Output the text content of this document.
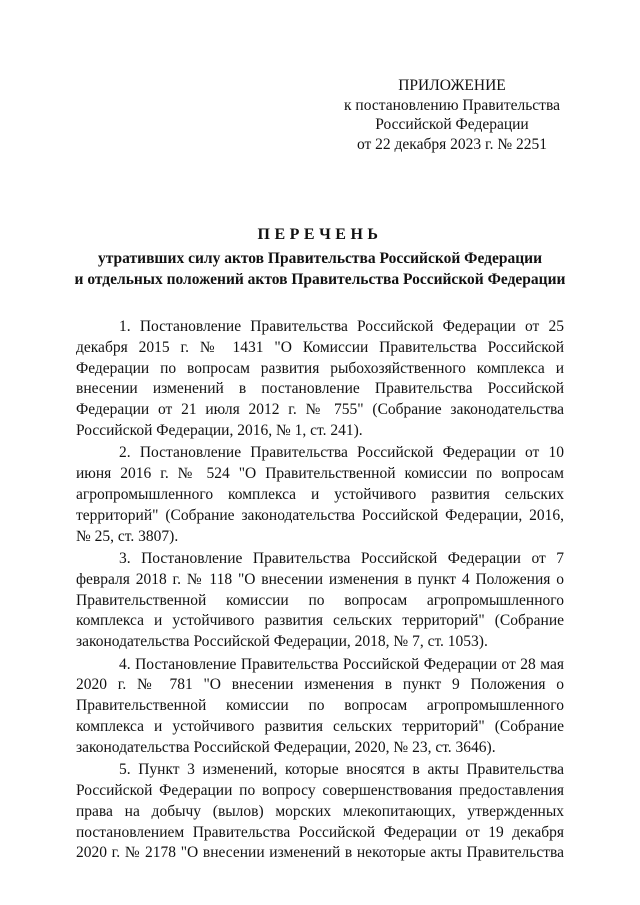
ПРИЛОЖЕНИЕ
к постановлению Правительства
Российской Федерации
от 22 декабря 2023 г. № 2251
ПЕРЕЧЕНЬ
утративших силу актов Правительства Российской Федерации
и отдельных положений актов Правительства Российской Федерации

1. Постановление Правительства Российской Федерации от 25 декабря 2015 г. № 1431 "О Комиссии Правительства Российской Федерации по вопросам развития рыбохозяйственного комплекса и внесении изменений в постановление Правительства Российской Федерации от 21 июля 2012 г. № 755" (Собрание законодательства Российской Федерации, 2016, № 1, ст. 241).

2. Постановление Правительства Российской Федерации от 10 июня 2016 г. № 524 "О Правительственной комиссии по вопросам агропромышленного комплекса и устойчивого развития сельских территорий" (Собрание законодательства Российской Федерации, 2016, № 25, ст. 3807).

3. Постановление Правительства Российской Федерации от 7 февраля 2018 г. № 118 "О внесении изменения в пункт 4 Положения о Правительственной комиссии по вопросам агропромышленного комплекса и устойчивого развития сельских территорий" (Собрание законодательства Российской Федерации, 2018, № 7, ст. 1053).

4. Постановление Правительства Российской Федерации от 28 мая 2020 г. № 781 "О внесении изменения в пункт 9 Положения о Правительственной комиссии по вопросам агропромышленного комплекса и устойчивого развития сельских территорий" (Собрание законодательства Российской Федерации, 2020, № 23, ст. 3646).

5. Пункт 3 изменений, которые вносятся в акты Правительства Российской Федерации по вопросу совершенствования предоставления права на добычу (вылов) морских млекопитающих, утвержденных постановлением Правительства Российской Федерации от 19 декабря 2020 г. № 2178 "О внесении изменений в некоторые акты Правительства
